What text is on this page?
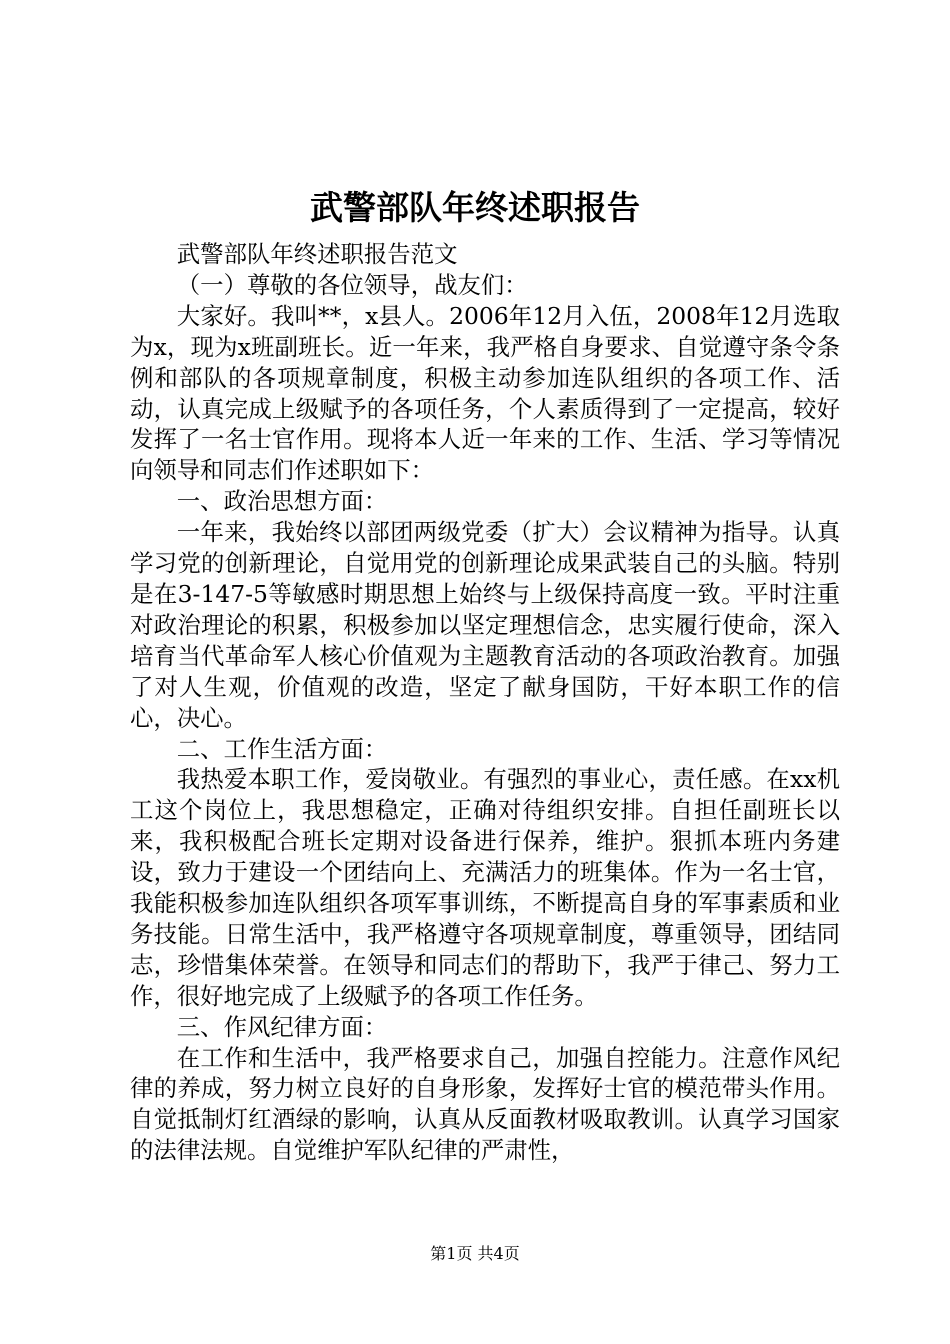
武警部队年终述职报告

武警部队年终述职报告范文

（一）尊敬的各位领导，战友们：

大家好。我叫**，x县人。2006年12月入伍，2008年12月选取为x，现为x班副班长。近一年来，我严格自身要求、自觉遵守条令条例和部队的各项规章制度，积极主动参加连队组织的各项工作、活动，认真完成上级赋予的各项任务，个人素质得到了一定提高，较好发挥了一名士官作用。现将本人近一年来的工作、生活、学习等情况向领导和同志们作述职如下：

一、政治思想方面：

一年来，我始终以部团两级党委（扩大）会议精神为指导。认真学习党的创新理论，自觉用党的创新理论成果武装自己的头脑。特别是在3-147-5等敏感时期思想上始终与上级保持高度一致。平时注重对政治理论的积累，积极参加以坚定理想信念，忠实履行使命，深入培育当代革命军人核心价值观为主题教育活动的各项政治教育。加强了对人生观，价值观的改造，坚定了献身国防，干好本职工作的信心，决心。

二、工作生活方面：

我热爱本职工作，爱岗敬业。有强烈的事业心，责任感。在xx机工这个岗位上，我思想稳定，正确对待组织安排。自担任副班长以来，我积极配合班长定期对设备进行保养，维护。狠抓本班内务建设，致力于建设一个团结向上、充满活力的班集体。作为一名士官，我能积极参加连队组织各项军事训练，不断提高自身的军事素质和业务技能。日常生活中，我严格遵守各项规章制度，尊重领导，团结同志，珍惜集体荣誉。在领导和同志们的帮助下，我严于律己、努力工作，很好地完成了上级赋予的各项工作任务。

三、作风纪律方面：

在工作和生活中，我严格要求自己，加强自控能力。注意作风纪律的养成，努力树立良好的自身形象，发挥好士官的模范带头作用。自觉抵制灯红酒绿的影响，认真从反面教材吸取教训。认真学习国家的法律法规。自觉维护军队纪律的严肃性，

第1页 共4页
